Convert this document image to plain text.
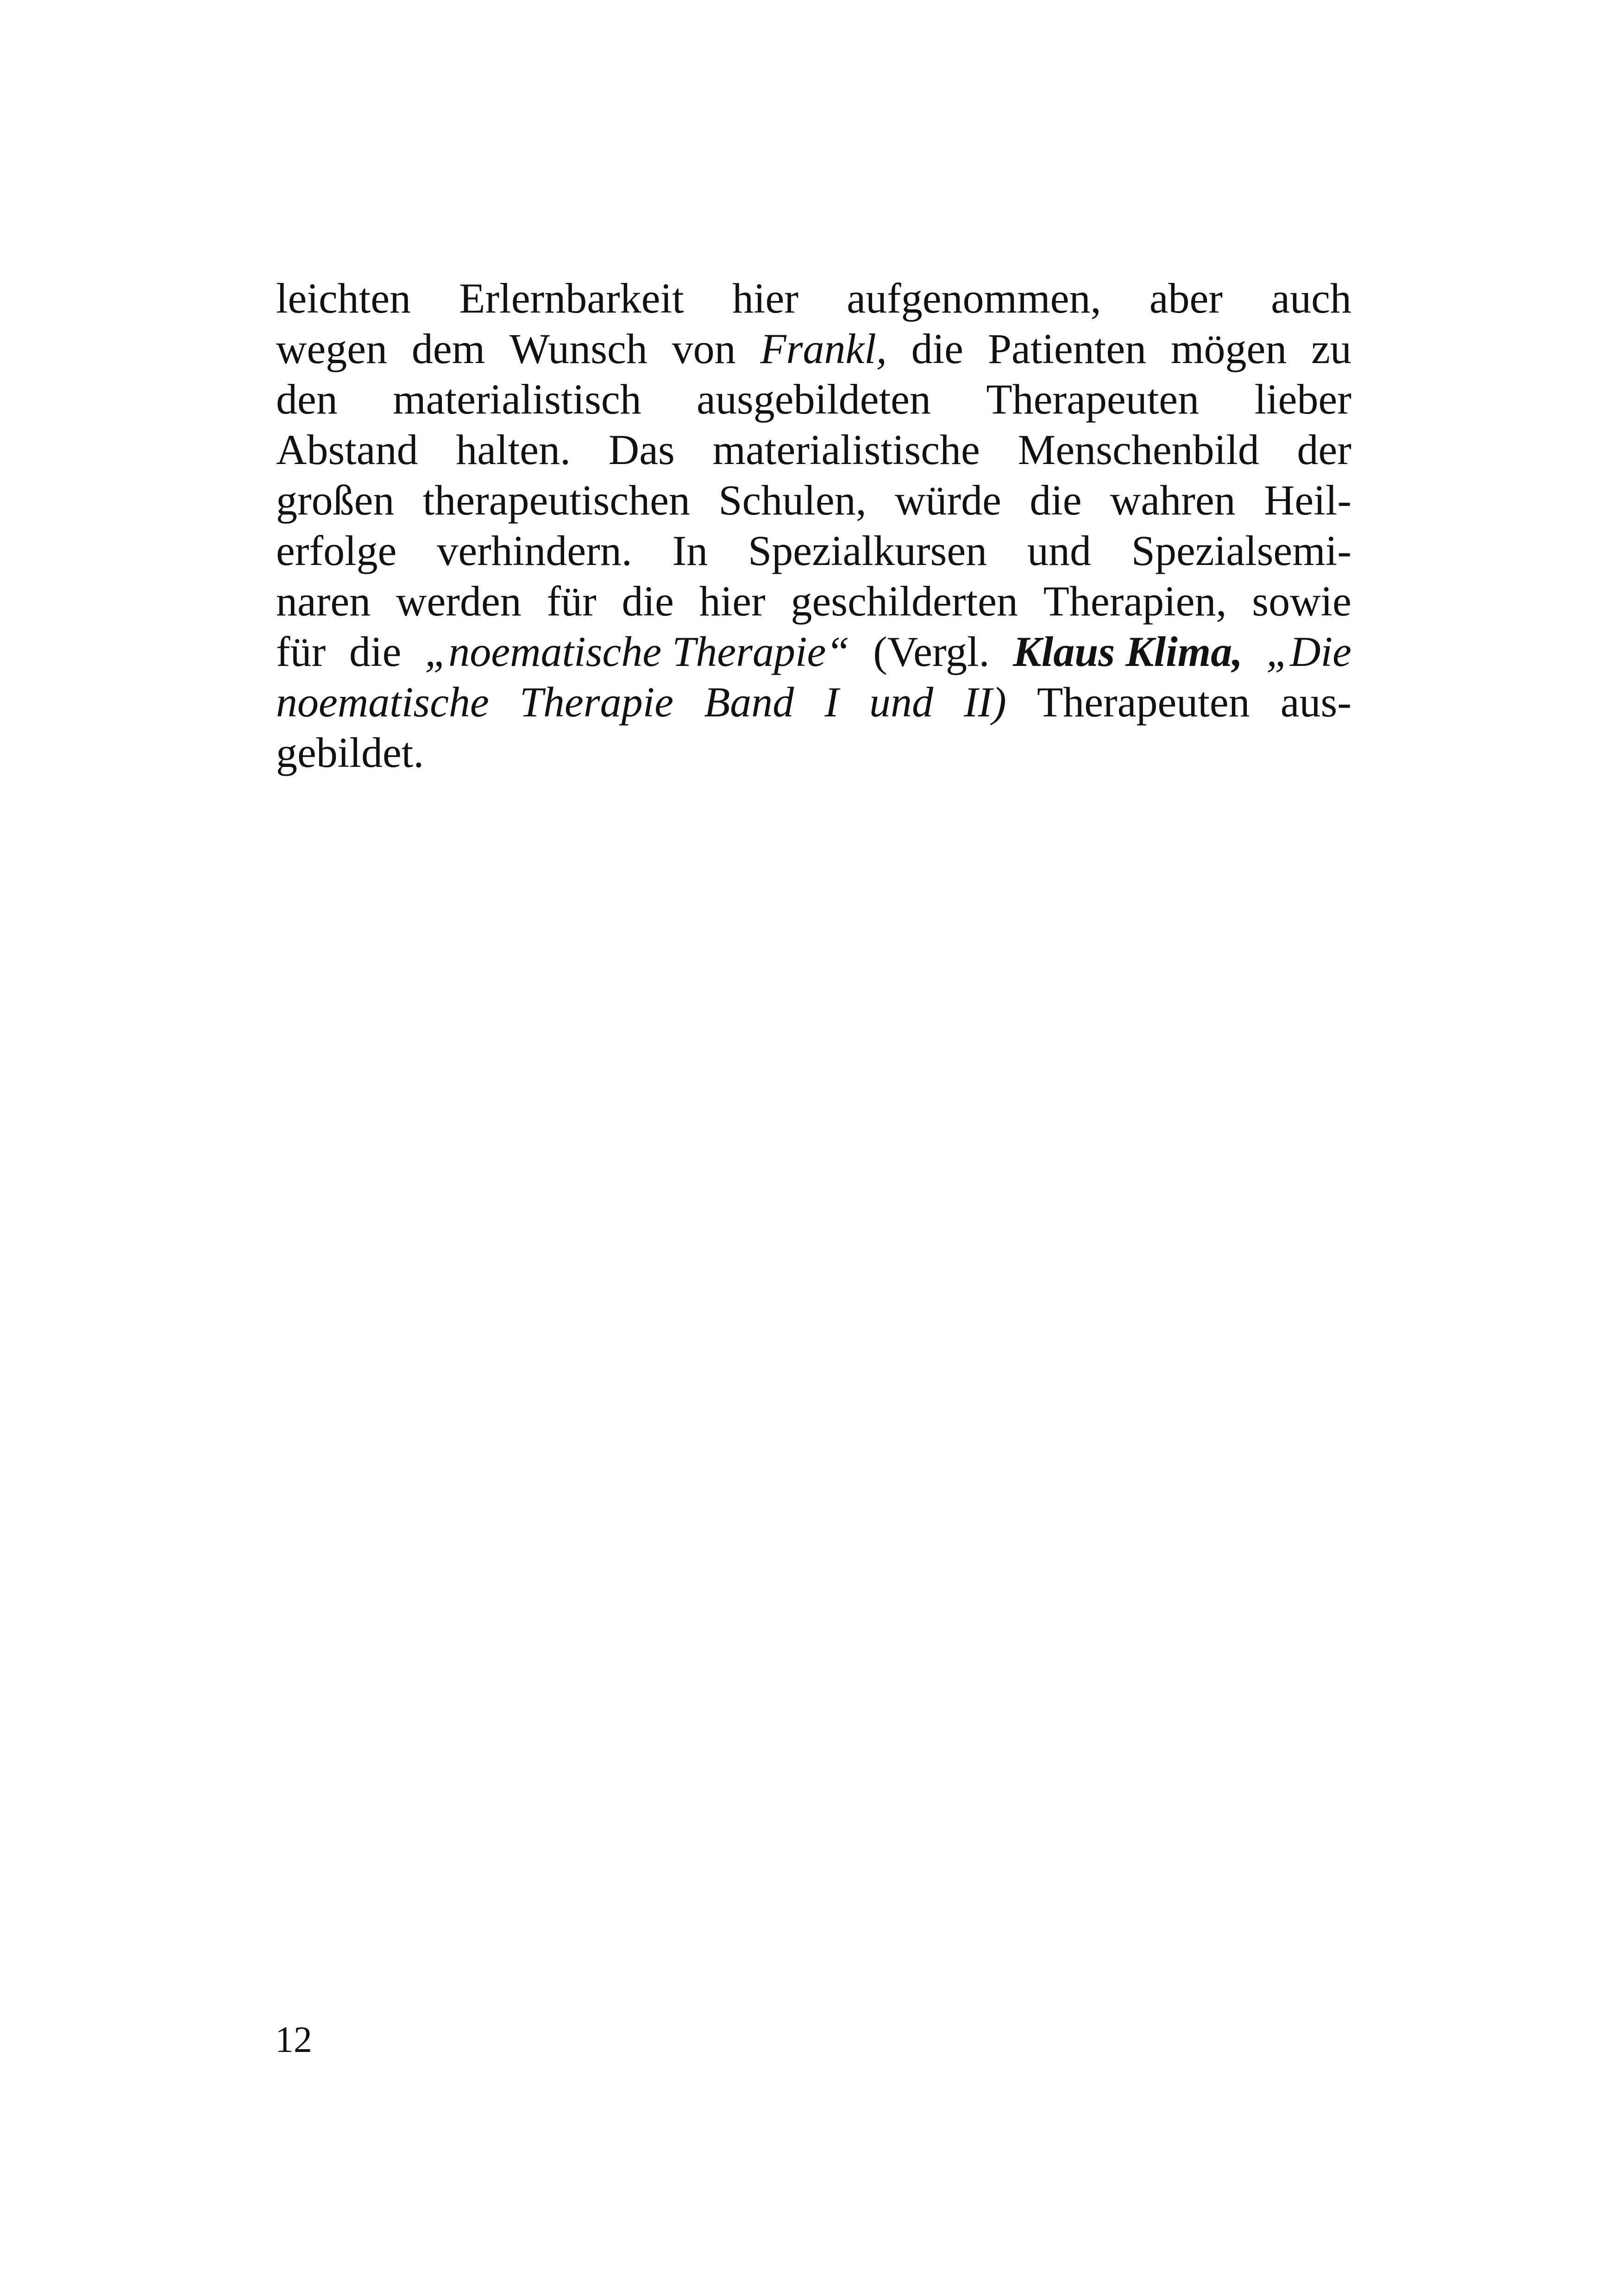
leichten Erlernbarkeit hier aufgenommen, aber auch
wegen dem Wunsch von Frankl, die Patienten mögen zu
den materialistisch ausgebildeten Therapeuten lieber
Abstand halten. Das materialistische Menschenbild der
großen therapeutischen Schulen, würde die wahren Heil-
erfolge verhindern. In Spezialkursen und Spezialsemi-
naren werden für die hier geschilderten Therapien, sowie
für die „noematische Therapie“ (Vergl. Klaus Klima, „Die
noematische Therapie Band I und II) Therapeuten aus-
gebildet.
12
